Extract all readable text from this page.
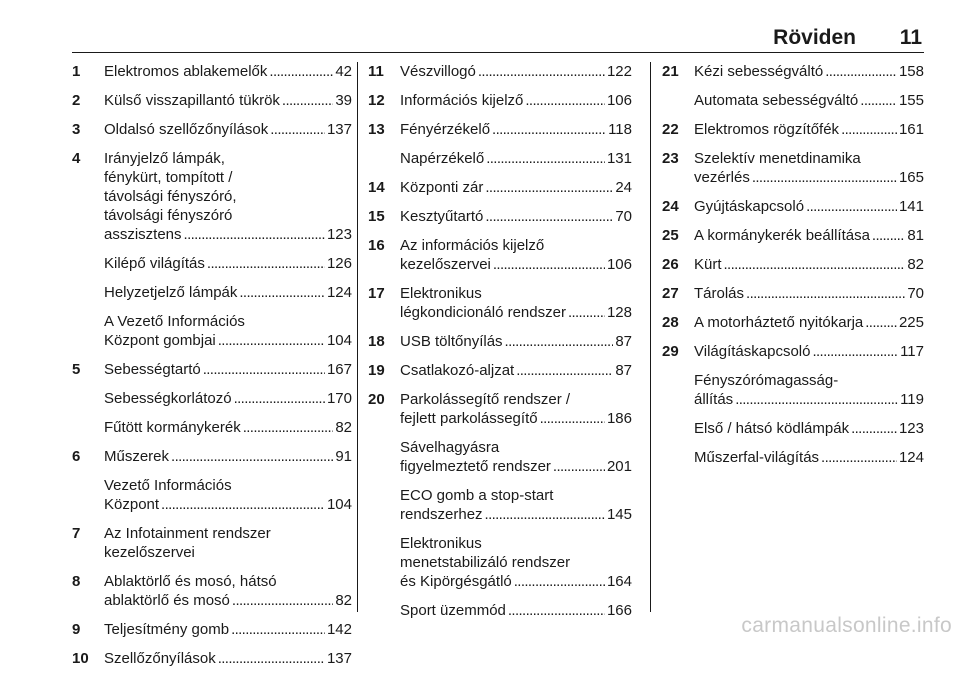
Röviden 11
1	Elektromos ablakemelők . . .	42
2	Külső visszapillantó tükrök . . .	39
3	Oldalsó szellőzőnyílások . . .	137
4	Irányjelző lámpák,
fénykürt, tompított /
távolsági fényszóró,
távolsági fényszóró
asszisztens . . .	123
Kilépő világítás . . .	126
Helyzetjelző lámpák . . .	124
A Vezető Információs
Központ gombjai . . .	104
5	Sebességtartó . . .	167
Sebességkorlátozó . . .	170
Fűtött kormánykerék . . .	82
6	Műszerek . . .	91
Vezető Információs
Központ . . .	104
7	Az Infotainment rendszer
kezelőszervei
8	Ablaktörlő és mosó, hátsó
ablaktörlő és mosó . . .	82
9	Teljesítmény gomb . . .	142
10	Szellőzőnyílások . . .	137
11	Vészvillogó . . .	122
12	Információs kijelző . . .	106
13	Fényérzékelő . . .	118
Napérzékelő . . .	131
14	Központi zár . . .	24
15	Kesztyűtartó . . .	70
16	Az információs kijelző
kezelőszervei . . .	106
17	Elektronikus
légkondicionáló rendszer . . .	128
18	USB töltőnyílás . . .	87
19	Csatlakozó-aljzat . . .	87
20	Parkolássegítő rendszer /
fejlett parkolássegítő . . .	186
Sávelhagyásra
figyelmeztető rendszer . . .	201
ECO gomb a stop-start
rendszerhez . . .	145
Elektronikus
menetstabilizáló rendszer
és Kipörgésgátló . . .	164
Sport üzemmód . . .	166
21	Kézi sebességváltó . . .	158
Automata sebességváltó . . .	155
22	Elektromos rögzítőfék . . .	161
23	Szelektív menetdinamika
vezérlés . . .	165
24	Gyújtáskapcsoló . . .	141
25	A kormánykerék beállítása . . . 81
26	Kürt . . .	82
27	Tárolás . . .	70
28	A motorháztető nyitókarja . . . 225
29	Világításkapcsoló . . .	117
Fényszórómagasság-
állítás . . .	119
Első / hátsó ködlámpák . . .	123
Műszerfal-világítás . . .	124
carmanualsonline.info
